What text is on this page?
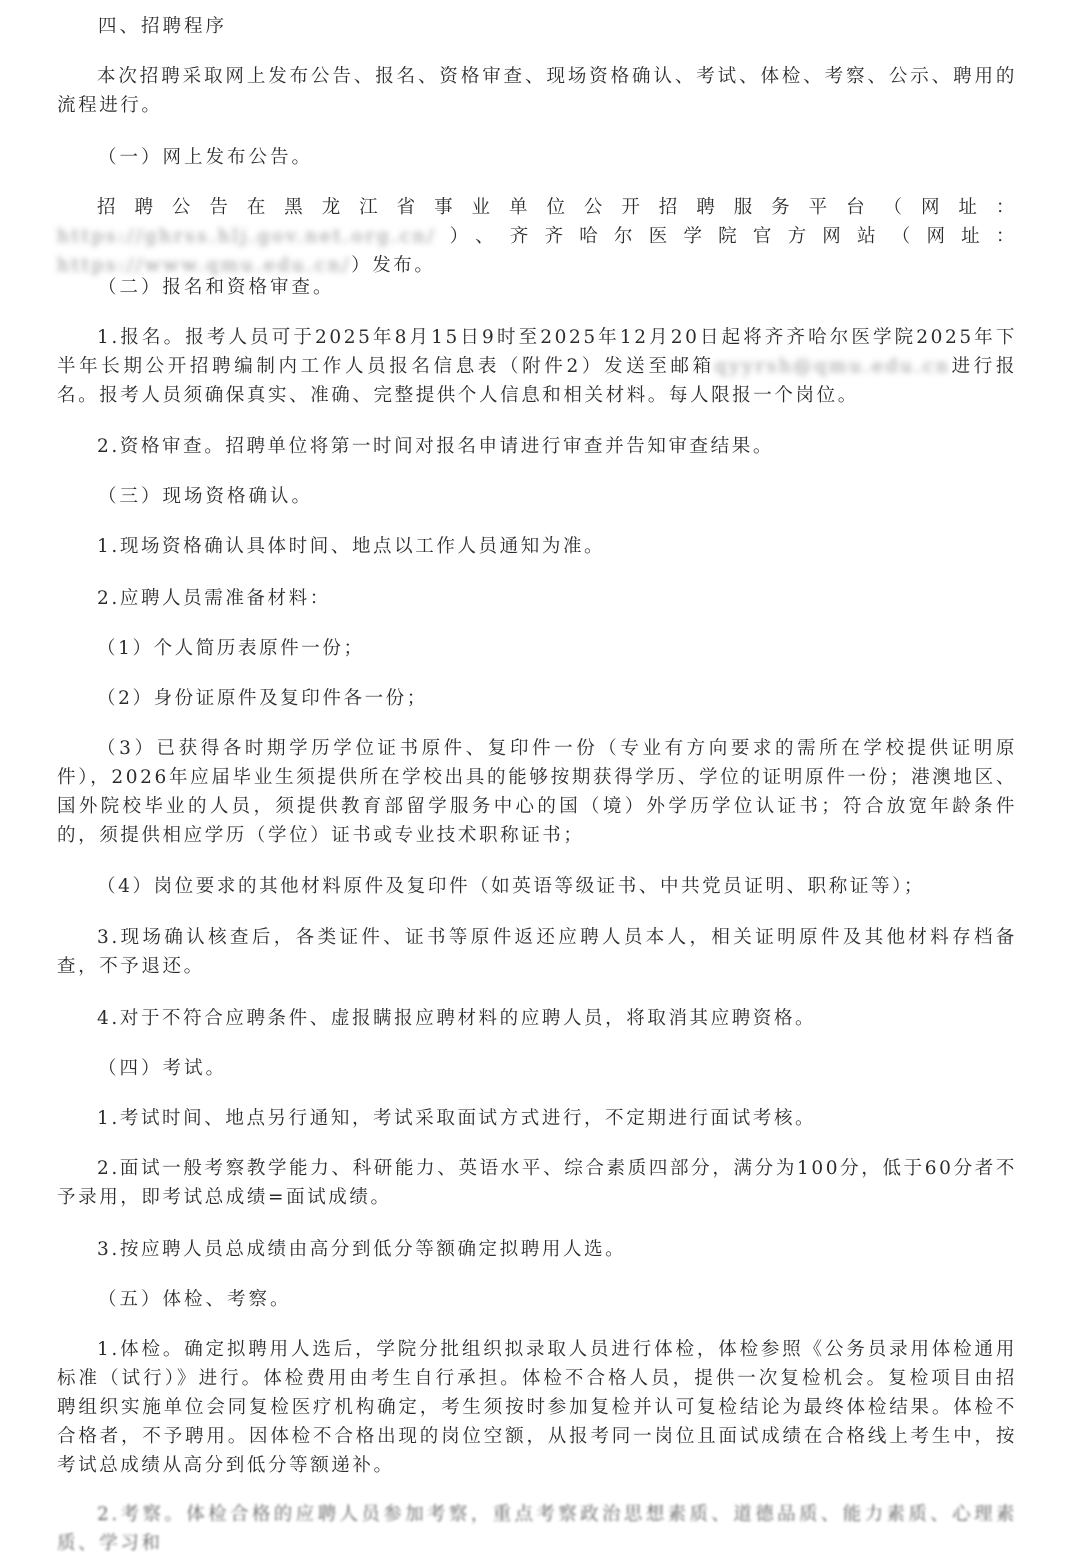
四、招聘程序

本次招聘采取网上发布公告、报名、资格审查、现场资格确认、考试、体检、考察、公示、聘用的流程进行。

（一）网上发布公告。

招聘公告在黑龙江省事业单位公开招聘服务平台（网址：https://ghrss.hlj.gov.net.org.cn/）、齐齐哈尔医学院官方网站（网址：https://www.qmu.edu.cn/）发布。

（二）报名和资格审查。

1.报名。报考人员可于2025年8月15日9时至2025年12月20日起将齐齐哈尔医学院2025年下半年长期公开招聘编制内工作人员报名信息表（附件2）发送至邮箱qyyrsh@qmu.edu.cn进行报名。报考人员须确保真实、准确、完整提供个人信息和相关材料。每人限报一个岗位。

2.资格审查。招聘单位将第一时间对报名申请进行审查并告知审查结果。

（三）现场资格确认。

1.现场资格确认具体时间、地点以工作人员通知为准。

2.应聘人员需准备材料：

（1）个人简历表原件一份；

（2）身份证原件及复印件各一份；

（3）已获得各时期学历学位证书原件、复印件一份（专业有方向要求的需所在学校提供证明原件），2026年应届毕业生须提供所在学校出具的能够按期获得学历、学位的证明原件一份；港澳地区、国外院校毕业的人员，须提供教育部留学服务中心的国（境）外学历学位认证书；符合放宽年龄条件的，须提供相应学历（学位）证书或专业技术职称证书；

（4）岗位要求的其他材料原件及复印件（如英语等级证书、中共党员证明、职称证等）；

3.现场确认核查后，各类证件、证书等原件返还应聘人员本人，相关证明原件及其他材料存档备查，不予退还。

4.对于不符合应聘条件、虚报瞒报应聘材料的应聘人员，将取消其应聘资格。

（四）考试。

1.考试时间、地点另行通知，考试采取面试方式进行，不定期进行面试考核。

2.面试一般考察教学能力、科研能力、英语水平、综合素质四部分，满分为100分，低于60分者不予录用，即考试总成绩=面试成绩。

3.按应聘人员总成绩由高分到低分等额确定拟聘用人选。

（五）体检、考察。

1.体检。确定拟聘用人选后，学院分批组织拟录取人员进行体检，体检参照《公务员录用体检通用标准（试行）》进行。体检费用由考生自行承担。体检不合格人员，提供一次复检机会。复检项目由招聘组织实施单位会同复检医疗机构确定，考生须按时参加复检并认可复检结论为最终体检结果。体检不合格者，不予聘用。因体检不合格出现的岗位空额，从报考同一岗位且面试成绩在合格线上考生中，按考试总成绩从高分到低分等额递补。

2.考察。体检合格的应聘人员参加考察，重点考察政治思想素质、道德品质、能力素质、心理素质、学习和
